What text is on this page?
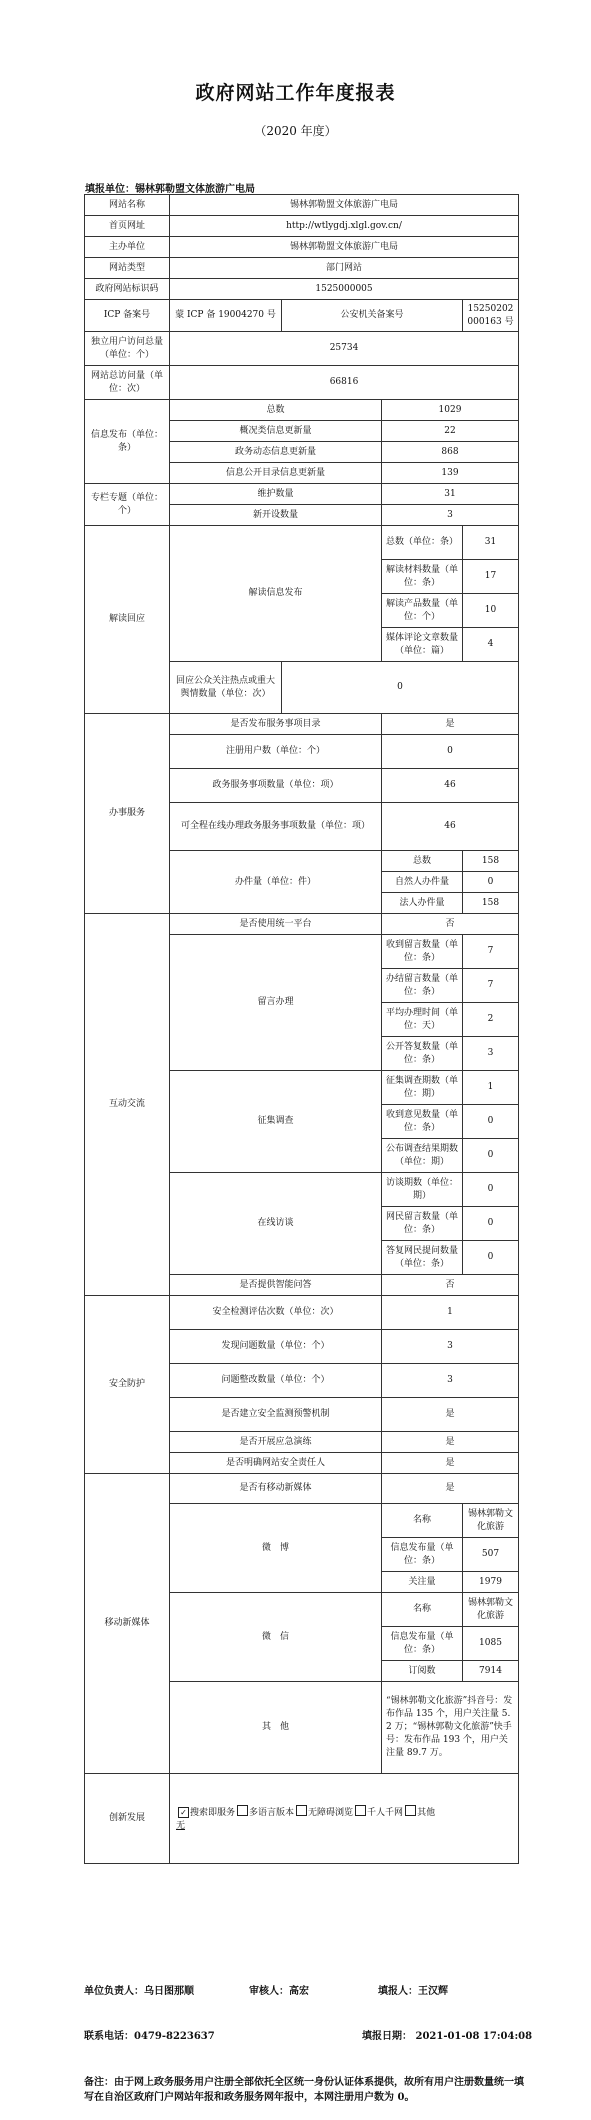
政府网站工作年度报表
（2020 年度）
填报单位：锡林郭勒盟文体旅游广电局
网站名称	锡林郭勒盟文体旅游广电局			
首页网址	http://wtlygdj.xlgl.gov.cn/			
主办单位	锡林郭勒盟文体旅游广电局			
网站类型	部门网站			
政府网站标识码	1525000005			
ICP 备案号	蒙 ICP 备 19004270 号	公安机关备案号		15250202000163 号
独立用户访问总量（单位：个）	25734			
网站总访问量（单位：次）	66816			
信息发布（单位：条）	总数		1029	
	概况类信息更新量		22	
	政务动态信息更新量		868	
	信息公开目录信息更新量		139	
专栏专题（单位：个）	维护数量		31	
	新开设数量		3	
解读回应	解读信息发布		总数（单位：条）	31
			解读材料数量（单位：条）	17
			解读产品数量（单位：个）	10
			媒体评论文章数量（单位：篇）	4
	回应公众关注热点或重大舆情数量（单位：次）	0		
办事服务	是否发布服务事项目录		是	
	注册用户数（单位：个）		0	
	政务服务事项数量（单位：项）		46	
	可全程在线办理政务服务事项数量（单位：项）		46	
	办件量（单位：件）		总数	158
			自然人办件量	0
			法人办件量	158
互动交流	是否使用统一平台		否	
	留言办理		收到留言数量（单位：条）	7
			办结留言数量（单位：条）	7
			平均办理时间（单位：天）	2
			公开答复数量（单位：条）	3
	征集调查		征集调查期数（单位：期）	1
			收到意见数量（单位：条）	0
			公布调查结果期数（单位：期）	0
	在线访谈		访谈期数（单位：期）	0
			网民留言数量（单位：条）	0
			答复网民提问数量（单位：条）	0
	是否提供智能问答		否	
安全防护	安全检测评估次数（单位：次）		1	
	发现问题数量（单位：个）		3	
	问题整改数量（单位：个）		3	
	是否建立安全监测预警机制		是	
	是否开展应急演练		是	
	是否明确网站安全责任人		是	
移动新媒体	是否有移动新媒体		是	
	微　博		名称	锡林郭勒文化旅游
			信息发布量（单位：条）	507
			关注量	1979
	微　信		名称	锡林郭勒文化旅游
			信息发布量（单位：条）	1085
			订阅数	7914
	其　他		“锡林郭勒文化旅游”抖音号：发布作品 135 个，用户关注量 5.2 万；“锡林郭勒文化旅游”快手号：发布作品 193 个，用户关注量 89.7 万。	
创新发展	✓ 搜索即服务 多语言版本 无障碍浏览 千人千网 其他
无			
单位负责人：乌日图那顺	审核人：高宏	填报人：王汉辉
联系电话：0479-8223637	填报日期： 2021-01-08 17:04:08
备注：由于网上政务服务用户注册全部依托全区统一身份认证体系提供，故所有用户注册数量统一填写在自治区政府门户网站年报和政务服务网年报中，本网注册用户数为 0。
